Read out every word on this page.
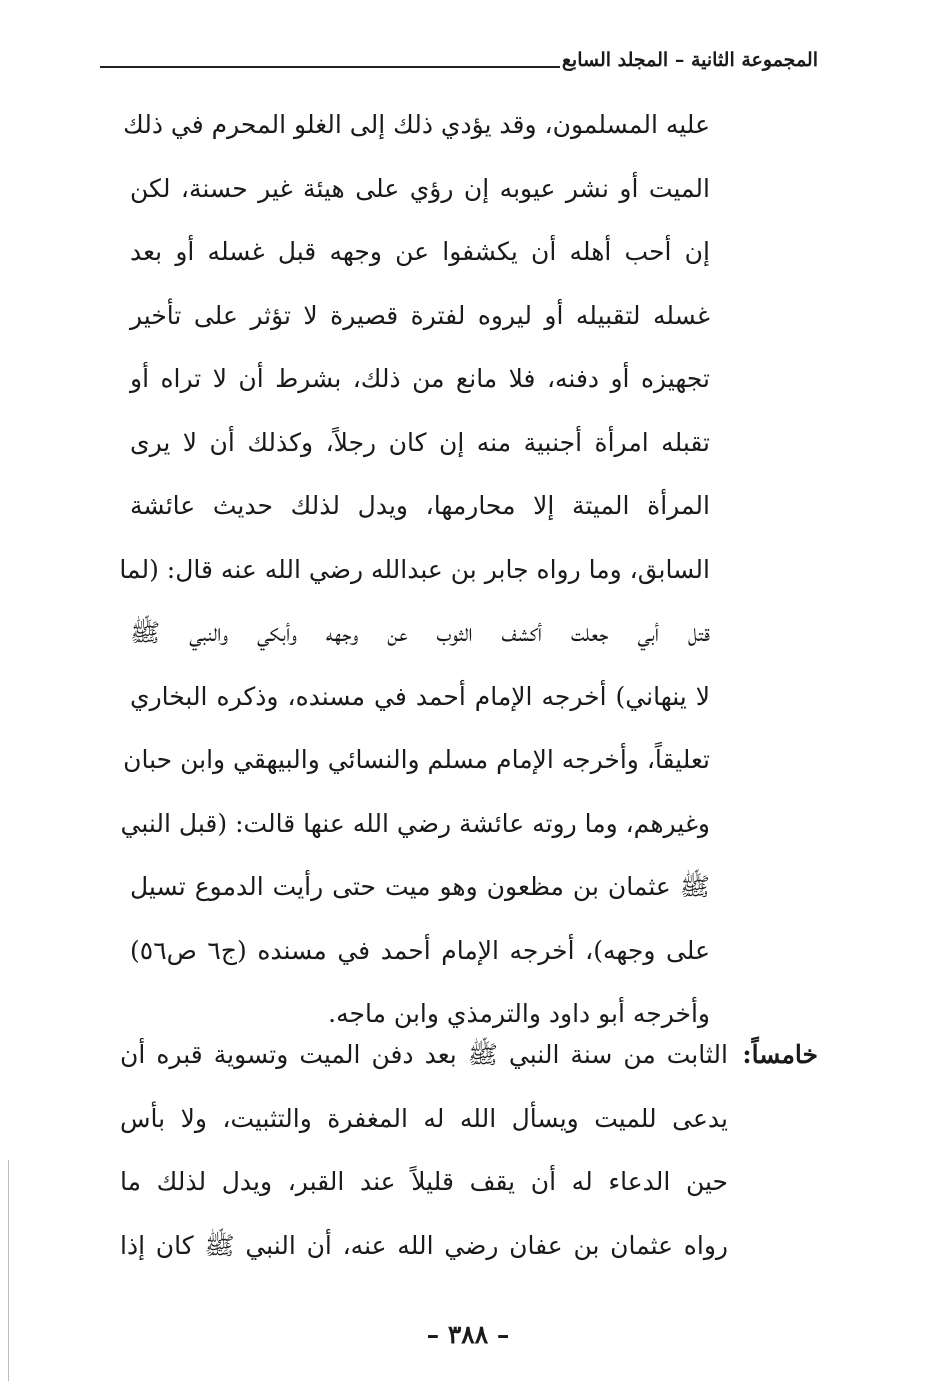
المجموعة الثانية – المجلد السابع
عليه المسلمون، وقد يؤدي ذلك إلى الغلو المحرم في ذلك
الميت أو نشر عيوبه إن رؤي على هيئة غير حسنة، لكن
إن أحب أهله أن يكشفوا عن وجهه قبل غسله أو بعد
غسله لتقبيله أو ليروه لفترة قصيرة لا تؤثر على تأخير
تجهيزه أو دفنه، فلا مانع من ذلك، بشرط أن لا تراه أو
تقبله امرأة أجنبية منه إن كان رجلاً، وكذلك أن لا يرى
المرأة الميتة إلا محارمها، ويدل لذلك حديث عائشة
السابق، وما رواه جابر بن عبدالله رضي الله عنه قال: (لما
قتل أبي جعلت أكشف الثوب عن وجهه وأبكي والنبي ﷺ
لا ينهاني) أخرجه الإمام أحمد في مسنده، وذكره البخاري
تعليقاً، وأخرجه الإمام مسلم والنسائي والبيهقي وابن حبان
وغيرهم، وما روته عائشة رضي الله عنها قالت: (قبل النبي
ﷺ عثمان بن مظعون وهو ميت حتى رأيت الدموع تسيل
على وجهه)، أخرجه الإمام أحمد في مسنده (ج٦ ص٥٦)
وأخرجه أبو داود والترمذي وابن ماجه.
خامساً:
الثابت من سنة النبي ﷺ بعد دفن الميت وتسوية قبره أن
يدعى للميت ويسأل الله له المغفرة والتثبيت، ولا بأس
حين الدعاء له أن يقف قليلاً عند القبر، ويدل لذلك ما
رواه عثمان بن عفان رضي الله عنه، أن النبي ﷺ كان إذا
– ٣٨٨ –
